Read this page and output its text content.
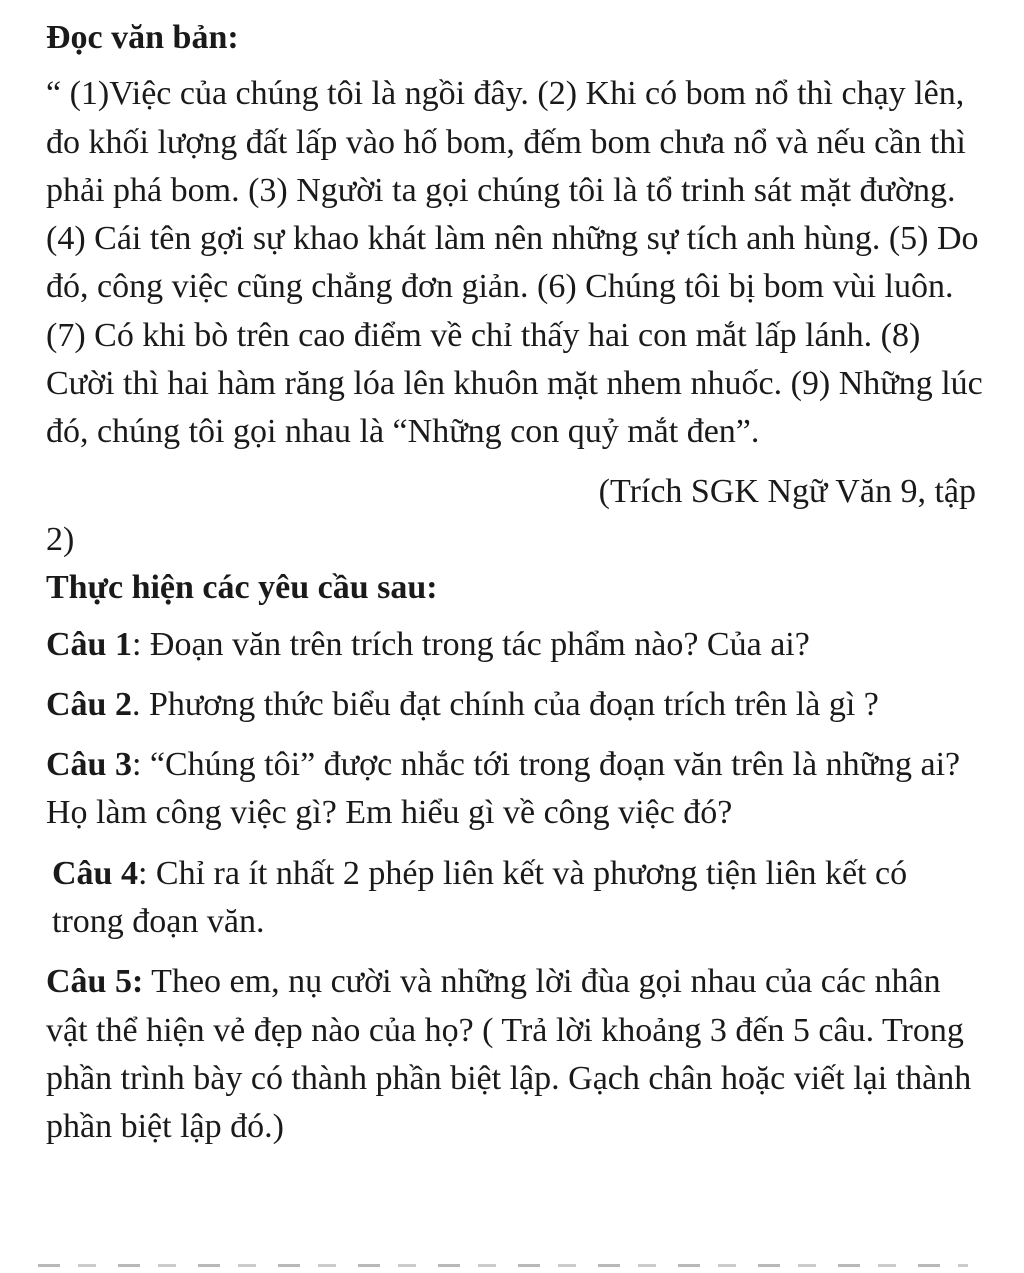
Đọc văn bản:

“ (1)Việc của chúng tôi là ngồi đây. (2) Khi có bom nổ thì chạy lên, đo khối lượng đất lấp vào hố bom, đếm bom chưa nổ và nếu cần thì phải phá bom. (3) Người ta gọi chúng tôi là tổ trinh sát mặt đường. (4) Cái tên gợi sự khao khát làm nên những sự tích anh hùng. (5) Do đó, công việc cũng chẳng đơn giản. (6) Chúng tôi bị bom vùi luôn. (7) Có khi bò trên cao điểm về chỉ thấy hai con mắt lấp lánh. (8) Cười thì hai hàm răng lóa lên khuôn mặt nhem nhuốc. (9) Những lúc đó, chúng tôi gọi nhau là “Những con quỷ mắt đen”.

(Trích SGK Ngữ Văn 9, tập

2)

Thực hiện các yêu cầu sau:

Câu 1: Đoạn văn trên trích trong tác phẩm nào? Của ai?

Câu 2. Phương thức biểu đạt chính của đoạn trích trên là gì ?

Câu 3: “Chúng tôi” được nhắc tới trong đoạn văn trên là những ai? Họ làm công việc gì? Em hiểu gì về công việc đó?

Câu 4: Chỉ ra ít nhất 2 phép liên kết và phương tiện liên kết có trong đoạn văn.

Câu 5: Theo em, nụ cười và những lời đùa gọi nhau của các nhân vật thể hiện vẻ đẹp nào của họ? ( Trả lời khoảng 3 đến 5 câu. Trong phần trình bày có thành phần biệt lập. Gạch chân hoặc viết lại thành phần biệt lập đó.)
